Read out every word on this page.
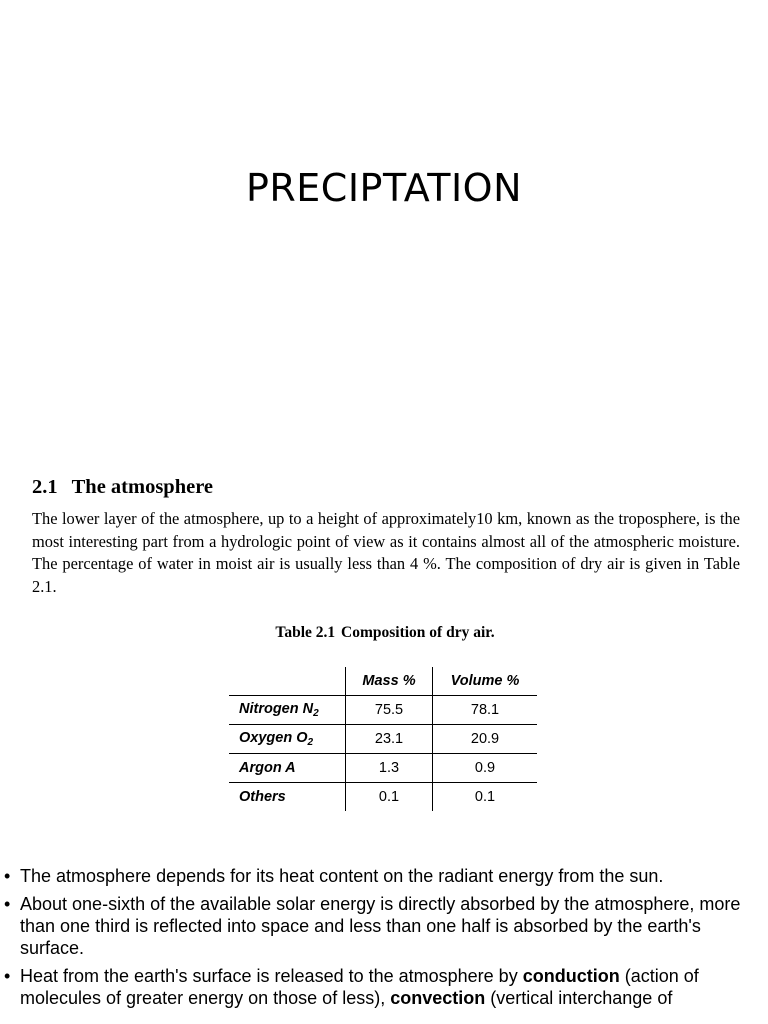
PRECIPTATION
2.1 The atmosphere

The lower layer of the atmosphere, up to a height of approximately10 km, known as the troposphere, is the most interesting part from a hydrologic point of view as it contains almost all of the atmospheric moisture. The percentage of water in moist air is usually less than 4 %. The composition of dry air is given in Table 2.1.

Table 2.1 Composition of dry air.
	Mass %	Volume %
Nitrogen $N_2$	75.5	78.1
Oxygen $O_2$	23.1	20.9
Argon A	1.3	0.9
Others	0.1	0.1
• The atmosphere depends for its heat content on the radiant energy from the sun.
• About one-sixth of the available solar energy is directly absorbed by the atmosphere, more than one third is reflected into space and less than one half is absorbed by the earth's surface.
• Heat from the earth's surface is released to the atmosphere by conduction (action of
molecules of greater energy on those of less), convection (vertical interchange of
